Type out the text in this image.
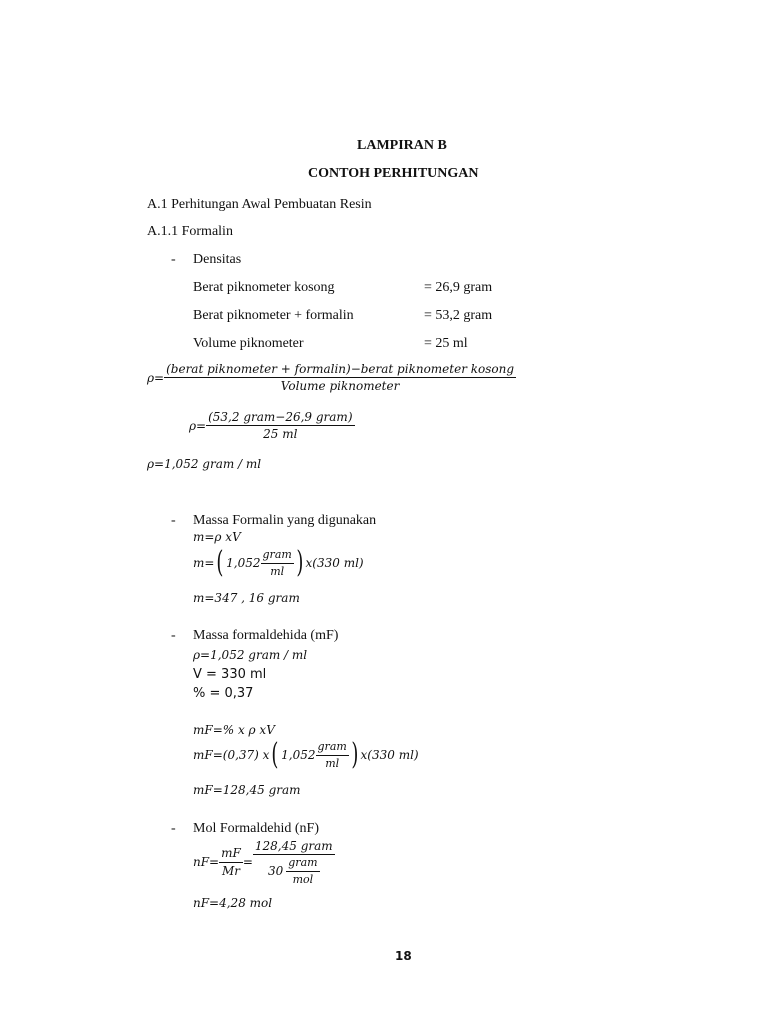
LAMPIRAN B
CONTOH PERHITUNGAN
A.1 Perhitungan Awal Pembuatan Resin
A.1.1 Formalin
- Densitas
Berat piknometer kosong	= 26,9 gram
Berat piknometer + formalin	= 53,2 gram
Volume piknometer	= 25 ml
$\rho= \frac{\text{(berat piknometer + formalin)−berat piknometer kosong}}{\text{Volume piknometer}}$
$\rho= \frac{\text{(53,2 gram−26,9 gram)}}{25 ml}$
ρ=1,052 gram / ml
- Massa Formalin yang digunakan
m=ρ xV
m= ( $1,052 \frac{\text{gram}}{ml}$ ) x(330 ml)
m=347 , 16 gram
- Massa formaldehida (mF)
ρ=1,052 gram / ml
V = 330 ml
% = 0,37
mF=% x ρ xV
mF=(0,37) x ( $1,052 \frac{\text{gram}}{ml}$ ) x(330 ml)
mF=128,45 gram
- Mol Formaldehid (nF)
$nF= \frac{mF}{Mr} = \frac{\text{128,45 gram}}{30 \frac{\text{gram}}{\text{mol}}}$
nF=4,28 mol
18
